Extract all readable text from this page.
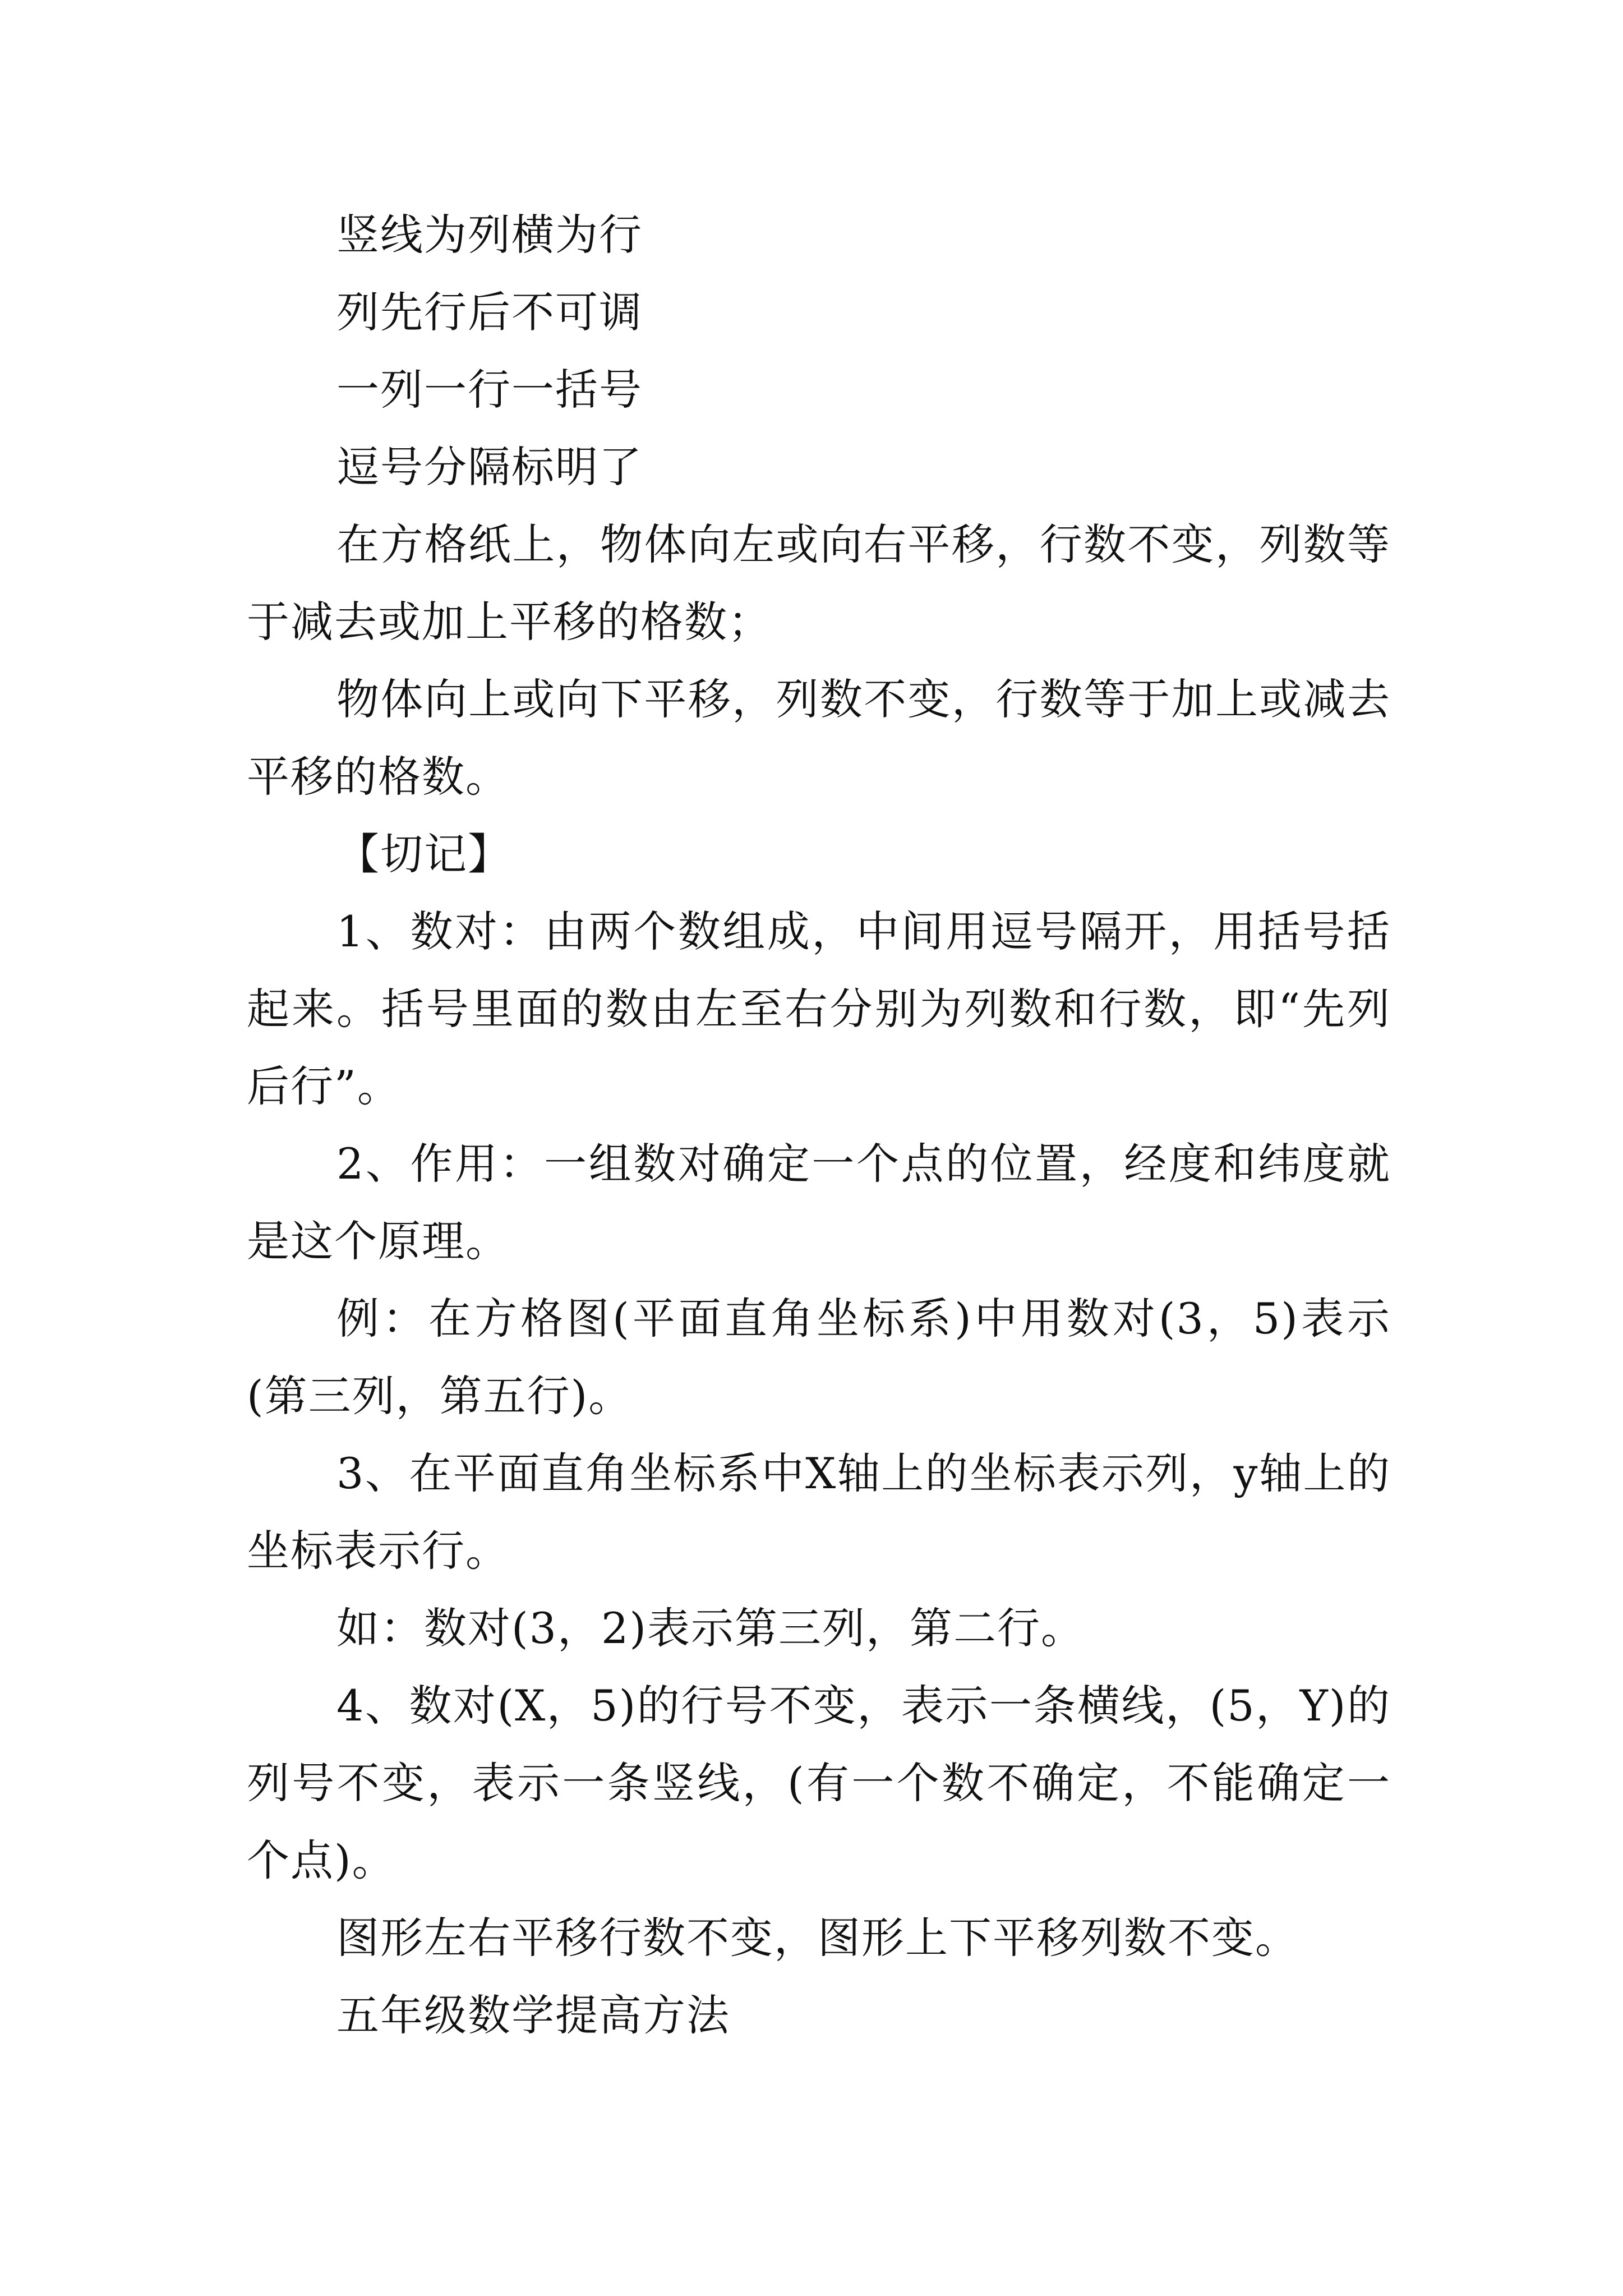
竖线为列横为行

列先行后不可调

一列一行一括号

逗号分隔标明了

在方格纸上，物体向左或向右平移，行数不变，列数等于减去或加上平移的格数；

物体向上或向下平移，列数不变，行数等于加上或减去平移的格数。

【切记】

1、数对：由两个数组成，中间用逗号隔开，用括号括起来。括号里面的数由左至右分别为列数和行数，即“先列后行”。

2、作用：一组数对确定一个点的位置，经度和纬度就是这个原理。

例：在方格图(平面直角坐标系)中用数对(3，5)表示(第三列，第五行)。

3、在平面直角坐标系中X轴上的坐标表示列，y轴上的坐标表示行。

如：数对(3，2)表示第三列，第二行。

4、数对(X，5)的行号不变，表示一条横线，(5，Y)的列号不变，表示一条竖线，(有一个数不确定，不能确定一个点)。

图形左右平移行数不变，图形上下平移列数不变。

五年级数学提高方法
